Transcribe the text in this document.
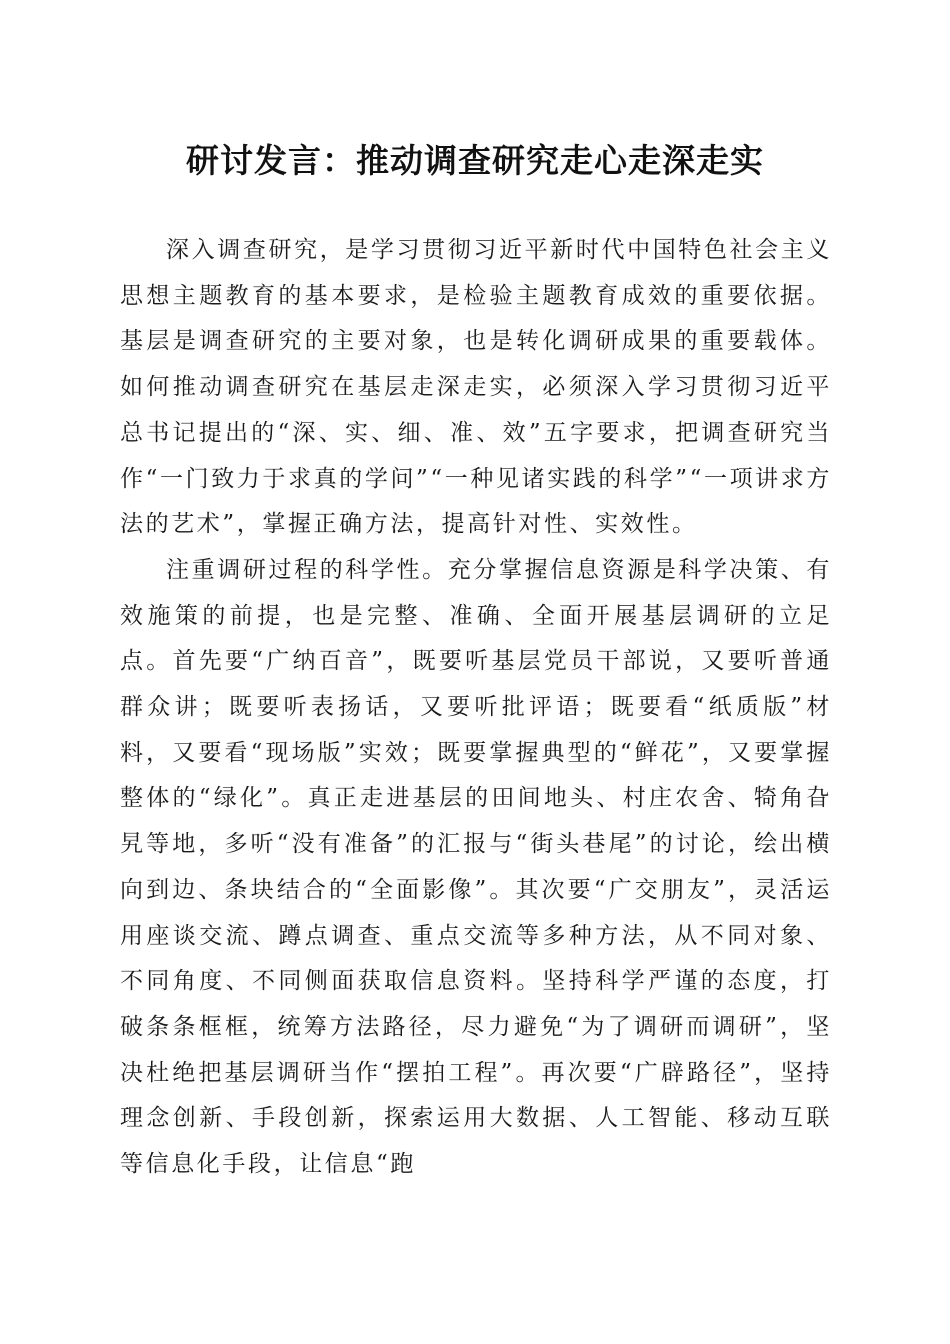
研讨发言：推动调查研究走心走深走实

深入调查研究，是学习贯彻习近平新时代中国特色社会主义思想主题教育的基本要求，是检验主题教育成效的重要依据。基层是调查研究的主要对象，也是转化调研成果的重要载体。如何推动调查研究在基层走深走实，必须深入学习贯彻习近平总书记提出的“深、实、细、准、效”五字要求，把调查研究当作“一门致力于求真的学问”“一种见诸实践的科学”“一项讲求方法的艺术”，掌握正确方法，提高针对性、实效性。

注重调研过程的科学性。充分掌握信息资源是科学决策、有效施策的前提，也是完整、准确、全面开展基层调研的立足点。首先要“广纳百音”，既要听基层党员干部说，又要听普通群众讲；既要听表扬话，又要听批评语；既要看“纸质版”材料，又要看“现场版”实效；既要掌握典型的“鲜花”，又要掌握整体的“绿化”。真正走进基层的田间地头、村庄农舍、犄角旮旯等地，多听“没有准备”的汇报与“街头巷尾”的讨论，绘出横向到边、条块结合的“全面影像”。其次要“广交朋友”，灵活运用座谈交流、蹲点调查、重点交流等多种方法，从不同对象、不同角度、不同侧面获取信息资料。坚持科学严谨的态度，打破条条框框，统筹方法路径，尽力避免“为了调研而调研”，坚决杜绝把基层调研当作“摆拍工程”。再次要“广辟路径”，坚持理念创新、手段创新，探索运用大数据、人工智能、移动互联等信息化手段，让信息“跑
